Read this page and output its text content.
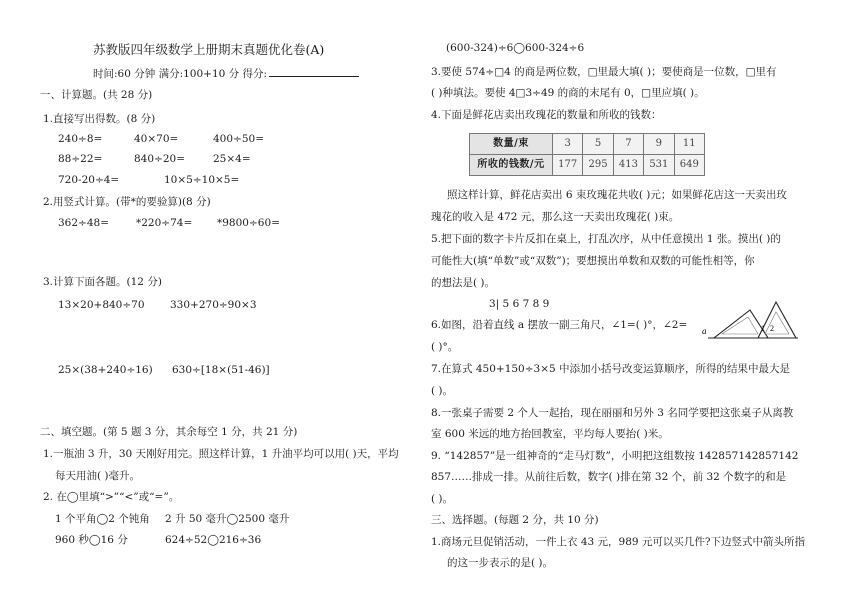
苏教版四年级数学上册期末真题优化卷(A)
时间:60 分钟 满分:100+10 分 得分:
一、计算题。(共 28 分)
1.直接写出得数。(8 分)
240÷8=	40×70=	400÷50=
88÷22=	840÷20=	25×4=
720-20÷4=	10×5÷10×5=
2.用竖式计算。(带*的要验算)(8 分)
362÷48=	*220÷74= *9800÷60=
3.计算下面各题。(12 分)
13×20+840÷70 330+270÷90×3
25×(38+240÷16) 630÷[18×(51-46)]
二、填空题。(第 5 题 3 分，其余每空 1 分，共 21 分)
1.一瓶油 3 升，30 天刚好用完。照这样计算，1 升油平均可以用( )天，平均
每天用油( )毫升。
2. 在◯里填“>”“<”或“=”。
1 个平角◯2 个钝角 2 升 50 毫升◯2500 毫升
960 秒◯16 分	624÷52◯216÷36
(600-324)÷6◯600-324÷6
3.要使 574÷□4 的商是两位数，□里最大填( )；要使商是一位数，□里有
( )种填法。要使 4□3÷49 的商的末尾有 0，□里应填( )。
4.下面是鲜花店卖出玫瑰花的数量和所收的钱数：
数量/束	3	5	7	9	11
所收的钱数/元	177	295	413	531	649
照这样计算，鲜花店卖出 6 束玫瑰花共收( )元；如果鲜花店这一天卖出玫
瑰花的收入是 472 元，那么这一天卖出玫瑰花( )束。
5.把下面的数字卡片反扣在桌上，打乱次序，从中任意摸出 1 张。摸出( )的
可能性大(填“单数”或“双数”)；要想摸出单数和双数的可能性相等，你
的想法是( )。
3| 5 6 7 8 9
6.如图，沿着直线 a 摆放一副三角尺，∠1=( )°，∠2=
( )°。
a	1 2
7.在算式 450+150÷3×5 中添加小括号改变运算顺序，所得的结果中最大是
( )。
8.一张桌子需要 2 个人一起抬，现在丽丽和另外 3 名同学要把这张桌子从离教
室 600 米远的地方抬回教室，平均每人要抬( )米。
9. “142857”是一组神奇的“走马灯数”，小明把这组数按 142857142857142
857……排成一排。从前往后数，数字( )排在第 32 个，前 32 个数字的和是
( )。
三、选择题。(每题 2 分，共 10 分)
1.商场元旦促销活动，一件上衣 43 元，989 元可以买几件?下边竖式中箭头所指
的这一步表示的是( )。
